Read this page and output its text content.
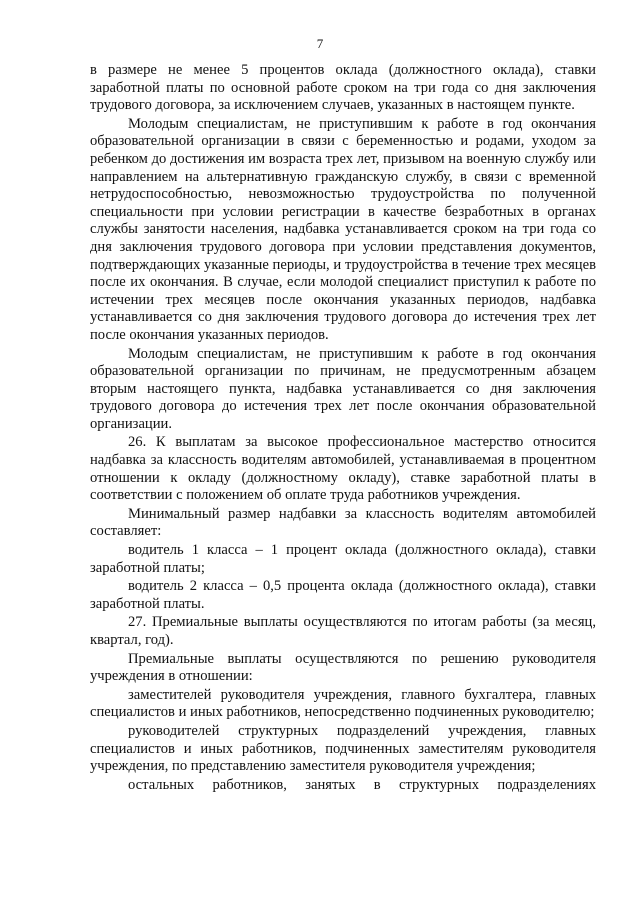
7

в размере не менее 5 процентов оклада (должностного оклада), ставки заработной платы по основной работе сроком на три года со дня заключения трудового договора, за исключением случаев, указанных в настоящем пункте.

Молодым специалистам, не приступившим к работе в год окончания образовательной организации в связи с беременностью и родами, уходом за ребенком до достижения им возраста трех лет, призывом на военную службу или направлением на альтернативную гражданскую службу, в связи с временной нетрудоспособностью, невозможностью трудоустройства по полученной специальности при условии регистрации в качестве безработных в органах службы занятости населения, надбавка устанавливается сроком на три года со дня заключения трудового договора при условии представления документов, подтверждающих указанные периоды, и трудоустройства в течение трех месяцев после их окончания. В случае, если молодой специалист приступил к работе по истечении трех месяцев после окончания указанных периодов, надбавка устанавливается со дня заключения трудового договора до истечения трех лет после окончания указанных периодов.

Молодым специалистам, не приступившим к работе в год окончания образовательной организации по причинам, не предусмотренным абзацем вторым настоящего пункта, надбавка устанавливается со дня заключения трудового договора до истечения трех лет после окончания образовательной организации.

26. К выплатам за высокое профессиональное мастерство относится надбавка за классность водителям автомобилей, устанавливаемая в процентном отношении к окладу (должностному окладу), ставке заработной платы в соответствии с положением об оплате труда работников учреждения.

Минимальный размер надбавки за классность водителям автомобилей составляет:

водитель 1 класса – 1 процент оклада (должностного оклада), ставки заработной платы;

водитель 2 класса – 0,5 процента оклада (должностного оклада), ставки заработной платы.

27. Премиальные выплаты осуществляются по итогам работы (за месяц, квартал, год).

Премиальные выплаты осуществляются по решению руководителя учреждения в отношении:

заместителей руководителя учреждения, главного бухгалтера, главных специалистов и иных работников, непосредственно подчиненных руководителю;

руководителей структурных подразделений учреждения, главных специалистов и иных работников, подчиненных заместителям руководителя учреждения, по представлению заместителя руководителя учреждения;

остальных работников, занятых в структурных подразделениях
